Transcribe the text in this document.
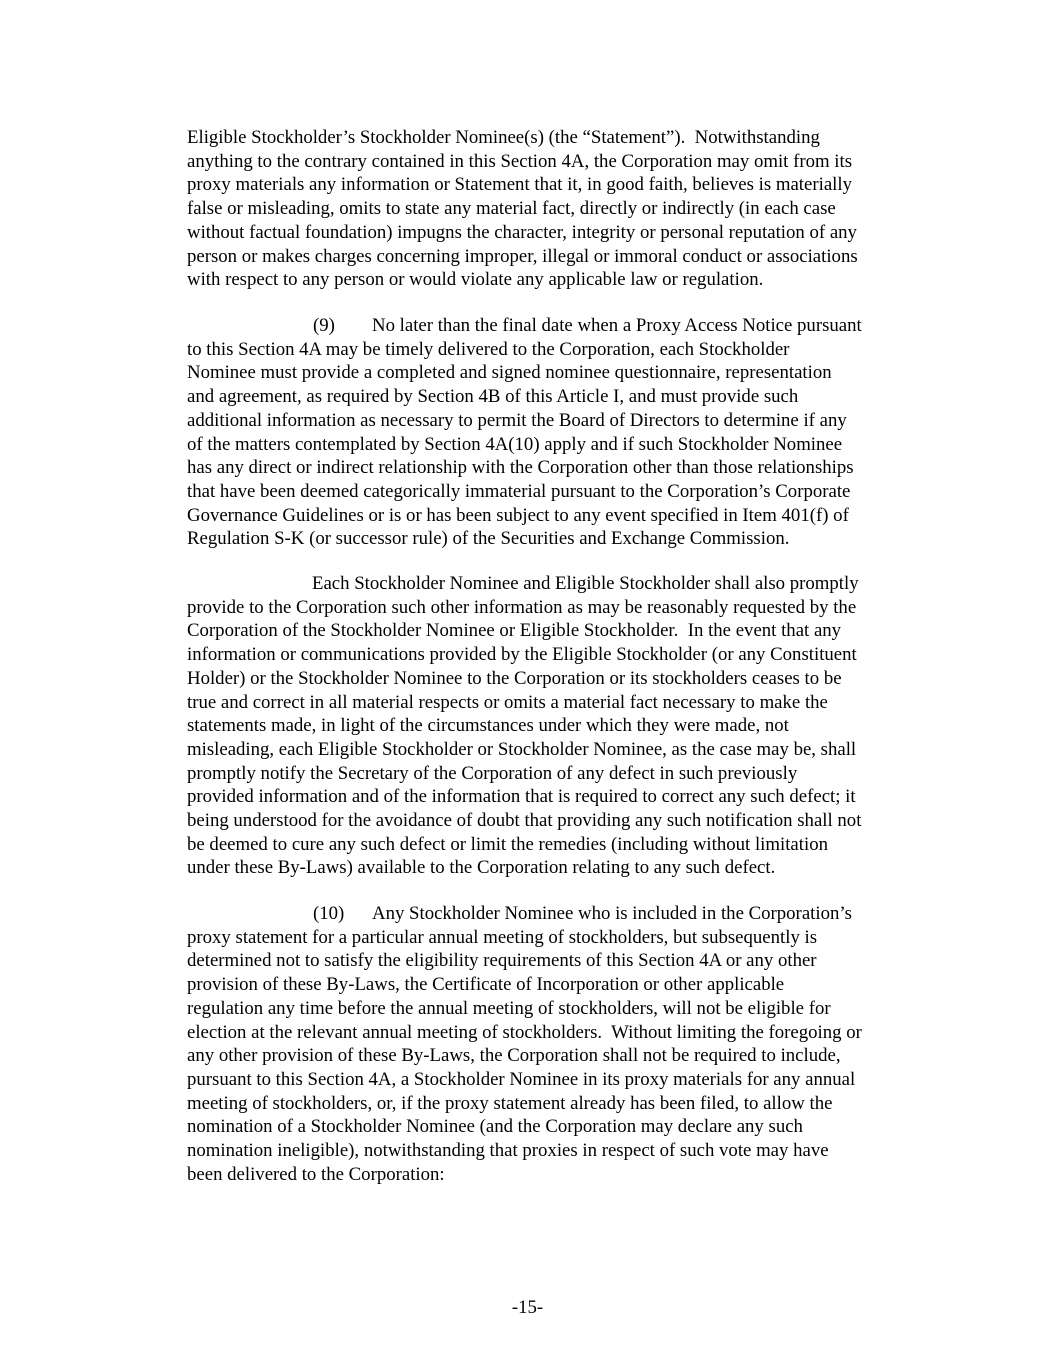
Eligible Stockholder’s Stockholder Nominee(s) (the “Statement”).  Notwithstanding
anything to the contrary contained in this Section 4A, the Corporation may omit from its
proxy materials any information or Statement that it, in good faith, believes is materially
false or misleading, omits to state any material fact, directly or indirectly (in each case
without factual foundation) impugns the character, integrity or personal reputation of any
person or makes charges concerning improper, illegal or immoral conduct or associations
with respect to any person or would violate any applicable law or regulation.
(9) No later than the final date when a Proxy Access Notice pursuant
to this Section 4A may be timely delivered to the Corporation, each Stockholder
Nominee must provide a completed and signed nominee questionnaire, representation
and agreement, as required by Section 4B of this Article I, and must provide such
additional information as necessary to permit the Board of Directors to determine if any
of the matters contemplated by Section 4A(10) apply and if such Stockholder Nominee
has any direct or indirect relationship with the Corporation other than those relationships
that have been deemed categorically immaterial pursuant to the Corporation’s Corporate
Governance Guidelines or is or has been subject to any event specified in Item 401(f) of
Regulation S-K (or successor rule) of the Securities and Exchange Commission.
Each Stockholder Nominee and Eligible Stockholder shall also promptly
provide to the Corporation such other information as may be reasonably requested by the
Corporation of the Stockholder Nominee or Eligible Stockholder.  In the event that any
information or communications provided by the Eligible Stockholder (or any Constituent
Holder) or the Stockholder Nominee to the Corporation or its stockholders ceases to be
true and correct in all material respects or omits a material fact necessary to make the
statements made, in light of the circumstances under which they were made, not
misleading, each Eligible Stockholder or Stockholder Nominee, as the case may be, shall
promptly notify the Secretary of the Corporation of any defect in such previously
provided information and of the information that is required to correct any such defect; it
being understood for the avoidance of doubt that providing any such notification shall not
be deemed to cure any such defect or limit the remedies (including without limitation
under these By-Laws) available to the Corporation relating to any such defect.
(10) Any Stockholder Nominee who is included in the Corporation’s
proxy statement for a particular annual meeting of stockholders, but subsequently is
determined not to satisfy the eligibility requirements of this Section 4A or any other
provision of these By-Laws, the Certificate of Incorporation or other applicable
regulation any time before the annual meeting of stockholders, will not be eligible for
election at the relevant annual meeting of stockholders.  Without limiting the foregoing or
any other provision of these By-Laws, the Corporation shall not be required to include,
pursuant to this Section 4A, a Stockholder Nominee in its proxy materials for any annual
meeting of stockholders, or, if the proxy statement already has been filed, to allow the
nomination of a Stockholder Nominee (and the Corporation may declare any such
nomination ineligible), notwithstanding that proxies in respect of such vote may have
been delivered to the Corporation:
-15-
